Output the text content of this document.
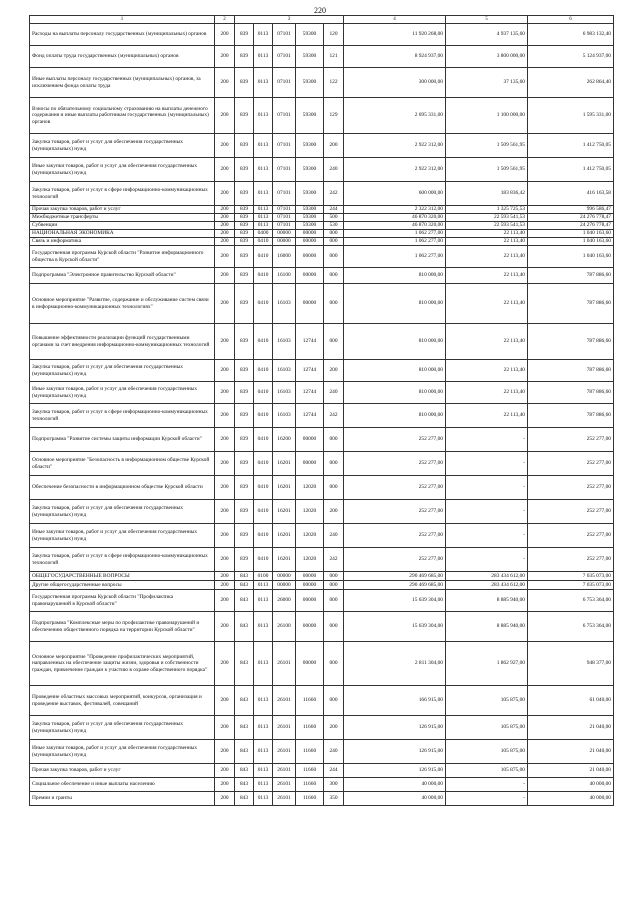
220
1	2	3					4	5	6
Расходы на выплаты персоналу государственных (муниципальных) органов	200	839	0113	07101	59300	120	11 920 268,00	4 937 135,60	6 983 132,40
Фонд оплаты труда государственных (муниципальных) органов	200	839	0113	07101	59300	121	8 924 937,00	3 800 000,00	5 124 937,00
Иные выплаты персоналу государственных (муниципальных) органов, за исключением фонда оплаты труда	200	839	0113	07101	59300	122	300 000,00	37 135,60	262 864,40
Взносы по обязательному социальному страхованию на выплаты денежного содержания и иные выплаты работникам государственных (муниципальных) органов	200	839	0113	07101	59300	129	2 695 331,00	1 100 000,00	1 595 331,00
Закупка товаров, работ и услуг для обеспечения государственных (муниципальных) нужд	200	839	0113	07101	59300	200	2 922 312,00	1 509 561,95	1 412 750,05
Иные закупки товаров, работ и услуг для обеспечения государственных (муниципальных) нужд	200	839	0113	07101	59300	240	2 922 312,00	1 509 561,95	1 412 750,05
Закупка товаров, работ и услуг в сфере информационно-коммуникационных технологий	200	839	0113	07101	59300	242	600 000,00	183 836,42	416 163,58
Прочая закупка товаров, работ и услуг	200	839	0113	07101	59300	244	2 322 312,00	1 325 725,53	996 586,47
Межбюджетные трансферты	200	839	0113	07101	59300	500	46 870 320,00	22 593 541,53	24 276 778,47
Субвенции	200	839	0113	07101	59300	530	46 870 320,00	22 593 541,53	24 276 778,47
НАЦИОНАЛЬНАЯ ЭКОНОМИКА	200	839	0400	00000	00000	000	1 062 277,00	22 113,40	1 040 163,60
Связь и информатика	200	839	0410	00000	00000	000	1 062 277,00	22 113,40	1 040 163,60
Государственная программа Курской области "Развитие информационного общества в Курской области"	200	839	0410	16000	00000	000	1 062 277,00	22 113,40	1 040 163,60
Подпрограмма "Электронное правительство Курской области"	200	839	0410	16100	00000	000	810 000,00	22 113,40	787 886,60
Основное мероприятие "Развитие, содержание и обслуживание систем связи в информационно-коммуникационных технологиях"	200	839	0410	16103	00000	000	810 000,00	22 113,40	787 886,60
Повышение эффективности реализации функций государственными органами за счет внедрения информационно-коммуникационных технологий	200	839	0410	16103	12744	000	810 000,00	22 113,40	787 886,60
Закупка товаров, работ и услуг для обеспечения государственных (муниципальных) нужд	200	839	0410	16103	12744	200	810 000,00	22 113,40	787 886,60
Иные закупки товаров, работ и услуг для обеспечения государственных (муниципальных) нужд	200	839	0410	16103	12744	240	810 000,00	22 113,40	787 886,60
Закупка товаров, работ и услуг в сфере информационно-коммуникационных технологий	200	839	0410	16103	12744	242	810 000,00	22 113,40	787 886,60
Подпрограмма "Развитие системы защиты информации Курской области"	200	839	0410	16200	00000	000	252 277,00	-	252 277,00
Основное мероприятие "Безопасность в информационном обществе Курской области"	200	839	0410	16201	00000	000	252 277,00	-	252 277,00
Обеспечение безопасности в информационном обществе Курской области	200	839	0410	16201	12020	000	252 277,00	-	252 277,00
Закупка товаров, работ и услуг для обеспечения государственных (муниципальных) нужд	200	839	0410	16201	12020	200	252 277,00	-	252 277,00
Иные закупки товаров, работ и услуг для обеспечения государственных (муниципальных) нужд	200	839	0410	16201	12020	240	252 277,00	-	252 277,00
Закупка товаров, работ и услуг в сфере информационно-коммуникационных технологий	200	839	0410	16201	12020	242	252 277,00	-	252 277,00
ОБЩЕГОСУДАРСТВЕННЫЕ ВОПРОСЫ	200	843	0100	00000	00000	000	290 469 685,00	283 434 612,00	7 035 073,00
Другие общегосударственные вопросы	200	843	0113	00000	00000	000	290 469 685,00	283 434 612,00	7 035 073,00
Государственная программа Курской области "Профилактика правонарушений в Курской области"	200	843	0113	26000	00000	000	15 639 304,00	8 885 940,00	6 753 364,00
Подпрограмма "Комплексные меры по профилактике правонарушений и обеспечению общественного порядка на территории Курской области"	200	843	0113	26100	00000	000	15 639 304,00	8 885 940,00	6 753 364,00
Основное мероприятие "Проведение профилактических мероприятий, направленных на обеспечение защиты жизни, здоровья и собственности граждан, привлечение граждан к участию в охране общественного порядка"	200	843	0113	26101	00000	000	2 811 304,00	1 862 927,00	948 377,00
Проведение областных массовых мероприятий, конкурсов, организация и проведение выставок, фестивалей, совещаний	200	843	0113	26101	11660	000	166 915,00	105 875,00	61 040,00
Закупка товаров, работ и услуг для обеспечения государственных (муниципальных) нужд	200	843	0113	26101	11660	200	126 915,00	105 875,00	21 040,00
Иные закупки товаров, работ и услуг для обеспечения государственных (муниципальных) нужд	200	843	0113	26101	11660	240	126 915,00	105 875,00	21 040,00
Прочая закупка товаров, работ и услуг	200	843	0113	26101	11660	244	126 915,00	105 875,00	21 040,00
Социальное обеспечение и иные выплаты населению	200	843	0113	26101	11660	300	40 000,00	-	40 000,00
Премии и гранты	200	843	0113	26101	11660	350	40 000,00	-	40 000,00
